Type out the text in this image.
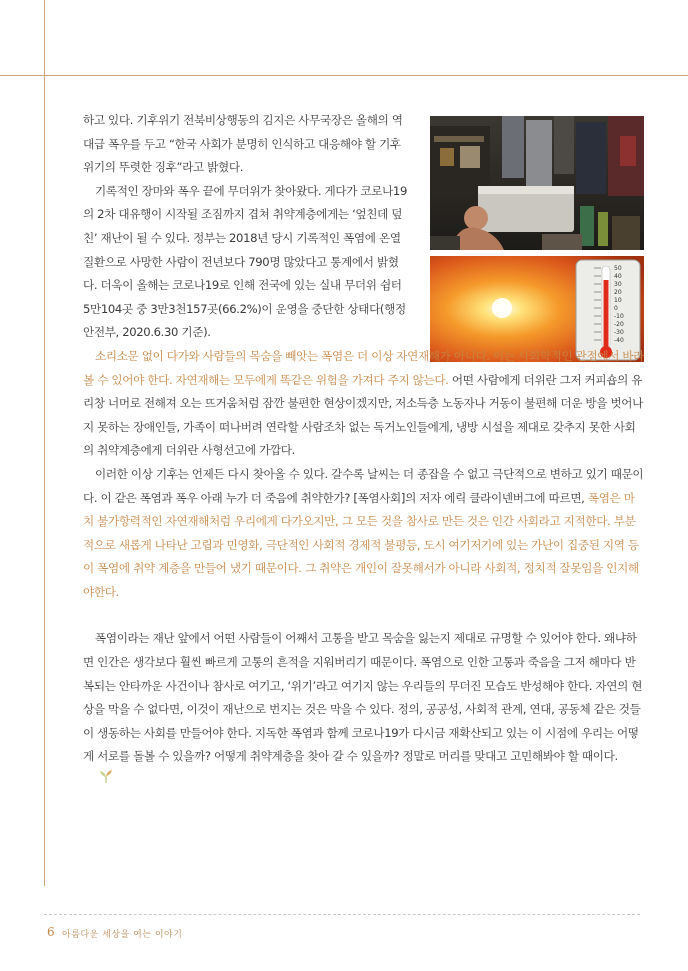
50
40
30
20
10
0
-10
-20
-30
-40

하고 있다. 기후위기 전북비상행동의 김지은 사무국장은 올해의 역대급 폭우를 두고 “한국 사회가 분명히 인식하고 대응해야 할 기후위기의 뚜렷한 징후”라고 밝혔다.

기록적인 장마와 폭우 끝에 무더위가 찾아왔다. 게다가 코로나19의 2차 대유행이 시작될 조짐까지 겹쳐 취약계층에게는 ‘엎친데 덮친’ 재난이 될 수 있다. 정부는 2018년 당시 기록적인 폭염에 온열질환으로 사망한 사람이 전년보다 790명 많았다고 통계에서 밝혔다. 더욱이 올해는 코로나19로 인해 전국에 있는 실내 무더위 쉼터 5만104곳 중 3만3천157곳(66.2%)이 운영을 중단한 상태다(행정안전부, 2020.6.30 기준).

소리소문 없이 다가와 사람들의 목숨을 빼앗는 폭염은 더 이상 자연재해가 아니다. 이는 사회학적인 관점에서 바라볼 수 있어야 한다. 자연재해는 모두에게 똑같은 위험을 가져다 주지 않는다. 어떤 사람에게 더위란 그저 커피숍의 유리창 너머로 전해져 오는 뜨거움처럼 잠깐 불편한 현상이겠지만, 저소득층 노동자나 거동이 불편해 더운 방을 벗어나지 못하는 장애인들, 가족이 떠나버려 연락할 사람조차 없는 독거노인들에게, 냉방 시설을 제대로 갖추지 못한 사회의 취약계층에게 더위란 사형선고에 가깝다.

이러한 이상 기후는 언제든 다시 찾아올 수 있다. 갈수록 날씨는 더 종잡을 수 없고 극단적으로 변하고 있기 때문이다. 이 같은 폭염과 폭우 아래 누가 더 죽음에 취약한가? [폭염사회]의 저자 에릭 클라이넨버그에 따르면, 폭염은 마치 불가항력적인 자연재해처럼 우리에게 다가오지만, 그 모든 것을 참사로 만든 것은 인간 사회라고 지적한다. 부분적으로 새롭게 나타난 고립과 민영화, 극단적인 사회적 경제적 불평등, 도시 여기저기에 있는 가난이 집중된 지역 등이 폭염에 취약 계층을 만들어 냈기 때문이다. 그 취약은 개인이 잘못해서가 아니라 사회적, 정치적 잘못임을 인지해야한다.

폭염이라는 재난 앞에서 어떤 사람들이 어째서 고통을 받고 목숨을 잃는지 제대로 규명할 수 있어야 한다. 왜냐하면 인간은 생각보다 훨씬 빠르게 고통의 흔적을 지워버리기 때문이다. 폭염으로 인한 고통과 죽음을 그저 해마다 반복되는 안타까운 사건이나 참사로 여기고, ‘위기’라고 여기지 않는 우리들의 무더진 모습도 반성해야 한다. 자연의 현상을 막을 수 없다면, 이것이 재난으로 번지는 것은 막을 수 있다. 정의, 공공성, 사회적 관계, 연대, 공동체 같은 것들이 생동하는 사회를 만들어야 한다. 지독한 폭염과 함께 코로나19가 다시금 재확산되고 있는 이 시점에 우리는 어떻게 서로를 돌볼 수 있을까? 어떻게 취약계층을 찾아 갈 수 있을까? 정말로 머리를 맞대고 고민해봐야 할 때이다.

6 아름다운 세상을 여는 이야기
